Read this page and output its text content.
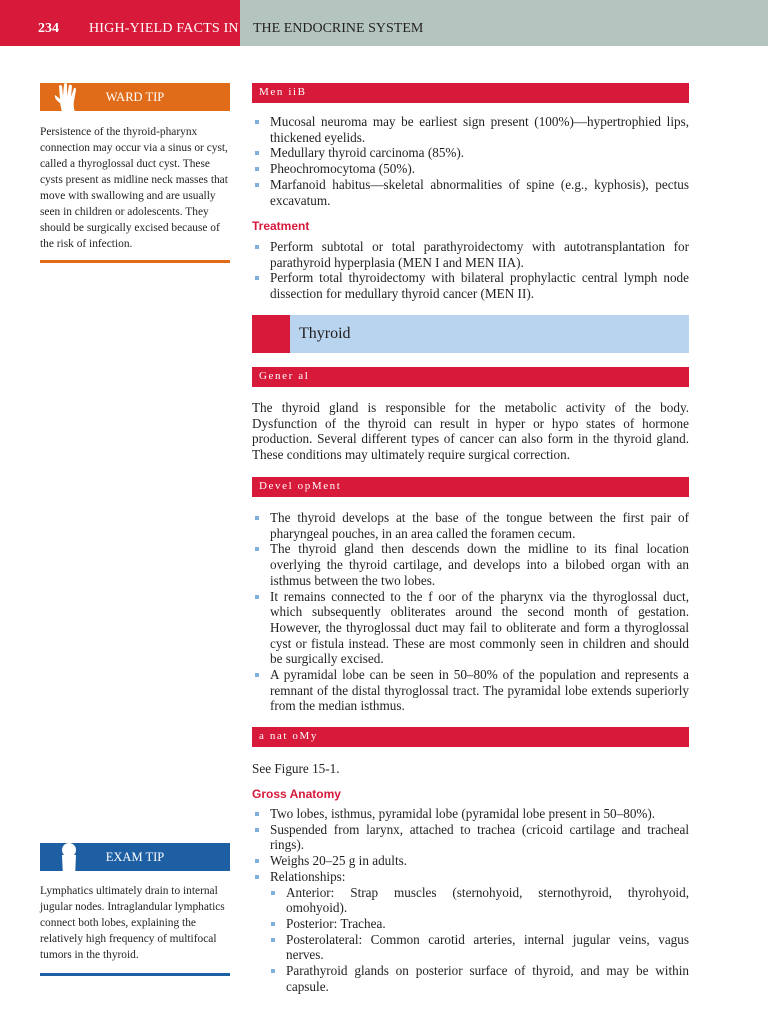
234 HIGH-YIELD FACTS IN THE ENDOCRINE SYSTEM
WARD TIP
Persistence of the thyroid-pharynx connection may occur via a sinus or cyst, called a thyroglossal duct cyst. These cysts present as midline neck masses that move with swallowing and are usually seen in children or adolescents. They should be surgically excised because of the risk of infection.
EXAM TIP
Lymphatics ultimately drain to internal jugular nodes. Intraglandular lymphatics connect both lobes, explaining the relatively high frequency of multifocal tumors in the thyroid.
Men iiB
Mucosal neuroma may be earliest sign present (100%)—hypertrophied lips, thickened eyelids.
Medullary thyroid carcinoma (85%).
Pheochromocytoma (50%).
Marfanoid habitus—skeletal abnormalities of spine (e.g., kyphosis), pectus excavatum.
Treatment
Perform subtotal or total parathyroidectomy with autotransplantation for parathyroid hyperplasia (MEN I and MEN IIA).
Perform total thyroidectomy with bilateral prophylactic central lymph node dissection for medullary thyroid cancer (MEN II).
Thyroid
Gener al

The thyroid gland is responsible for the metabolic activity of the body. Dysfunction of the thyroid can result in hyper or hypo states of hormone production. Several different types of cancer can also form in the thyroid gland. These conditions may ultimately require surgical correction.

Devel opMent
The thyroid develops at the base of the tongue between the first pair of pharyngeal pouches, in an area called the foramen cecum.
The thyroid gland then descends down the midline to its final location overlying the thyroid cartilage, and develops into a bilobed organ with an isthmus between the two lobes.
It remains connected to the f oor of the pharynx via the thyroglossal duct, which subsequently obliterates around the second month of gestation. However, the thyroglossal duct may fail to obliterate and form a thyroglossal cyst or fistula instead. These are most commonly seen in children and should be surgically excised.
A pyramidal lobe can be seen in 50–80% of the population and represents a remnant of the distal thyroglossal tract. The pyramidal lobe extends superiorly from the median isthmus.
a nat oMy

See Figure 15-1.

Gross Anatomy
Two lobes, isthmus, pyramidal lobe (pyramidal lobe present in 50–80%).
Suspended from larynx, attached to trachea (cricoid cartilage and tracheal rings).
Weighs 20–25 g in adults.
Relationships:
Anterior: Strap muscles (sternohyoid, sternothyroid, thyrohyoid, omohyoid).
Posterior: Trachea.
Posterolateral: Common carotid arteries, internal jugular veins, vagus nerves.
Parathyroid glands on posterior surface of thyroid, and may be within capsule.
